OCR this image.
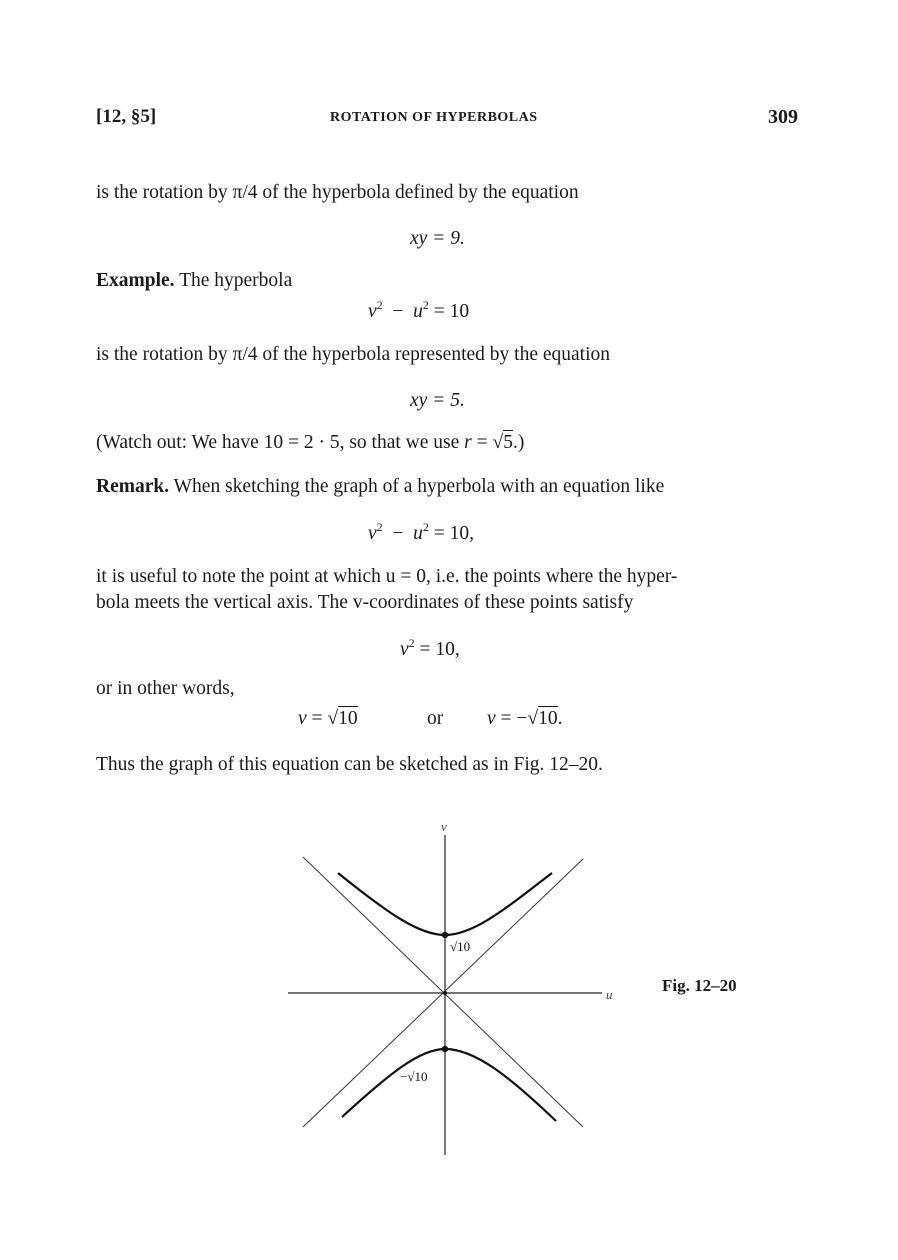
[12, §5]	ROTATION OF HYPERBOLAS	309
is the rotation by π/4 of the hyperbola defined by the equation
xy = 9.
Example. The hyperbola
$v^2 - u^2 = 10$
is the rotation by π/4 of the hyperbola represented by the equation
xy = 5.
(Watch out: We have 10 = 2 · 5, so that we use r = √5.)
Remark. When sketching the graph of a hyperbola with an equation like
$v^2 - u^2 = 10$,
it is useful to note the point at which u = 0, i.e. the points where the hyper-
bola meets the vertical axis. The v-coordinates of these points satisfy
$v^2 = 10$,
or in other words,
v = √10	or v = −√10.
Thus the graph of this equation can be sketched as in Fig. 12–20.
v
u
√10
−√10
Fig. 12–20
